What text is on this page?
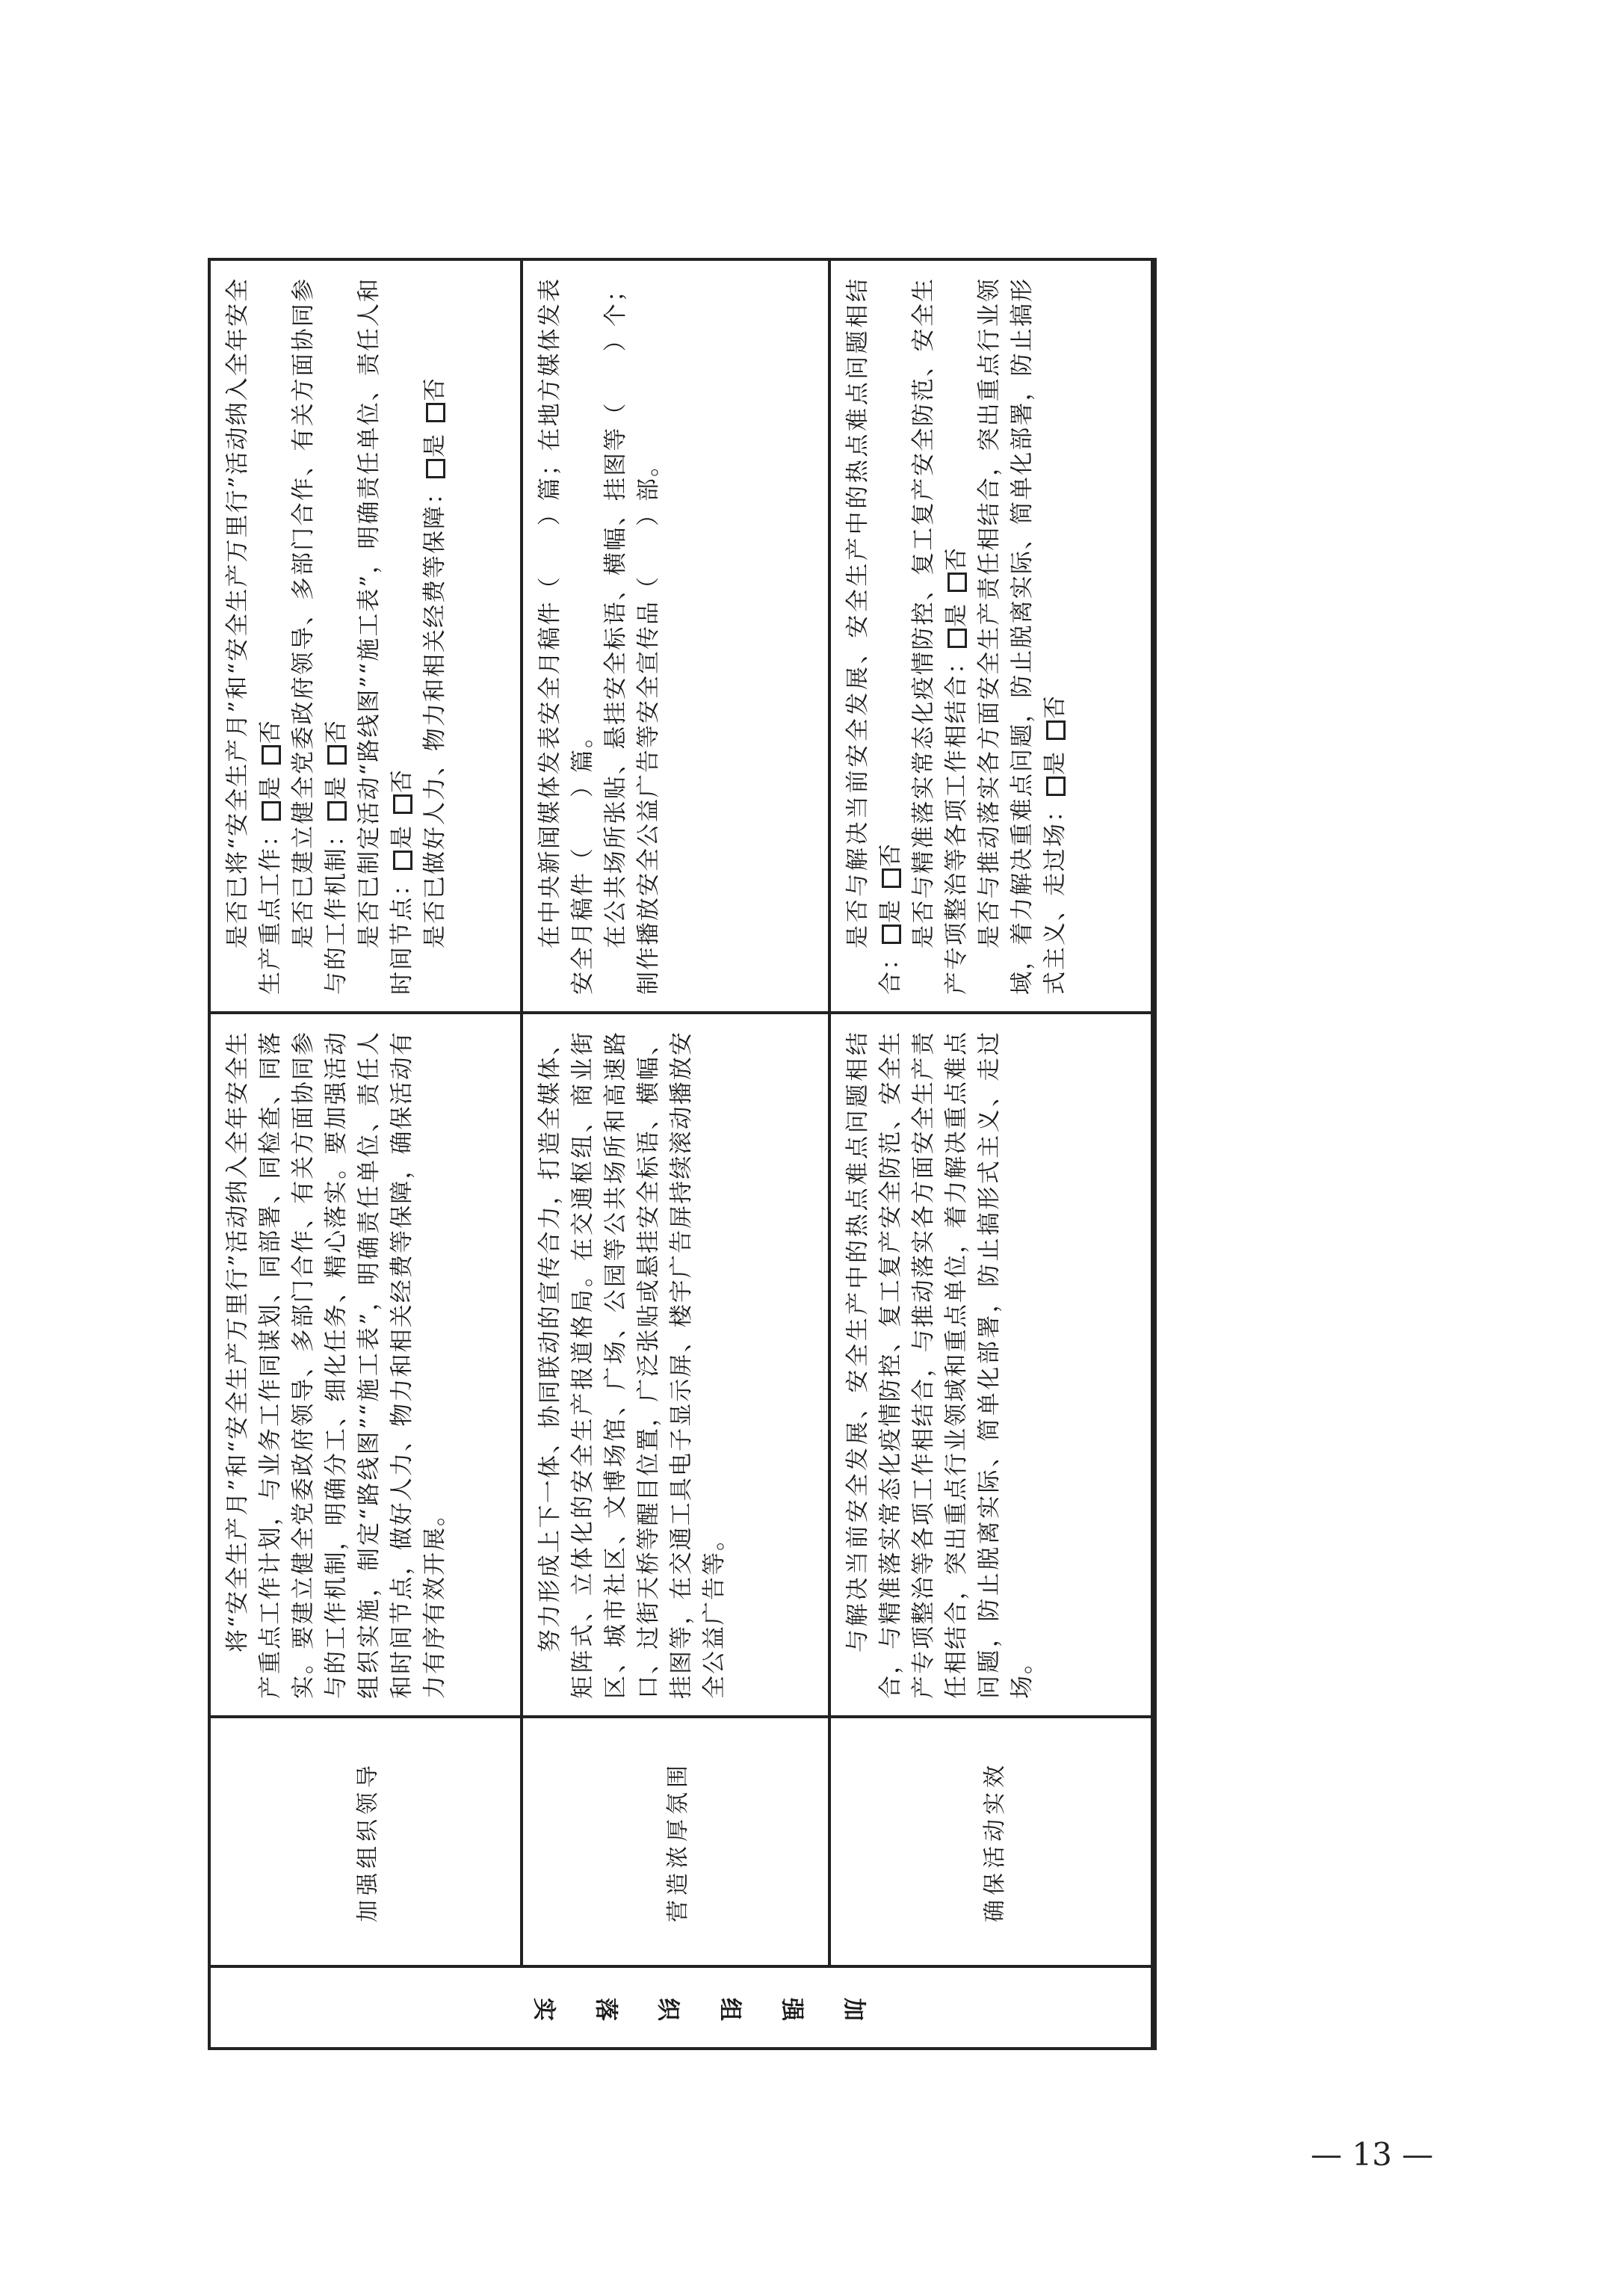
加强组织落实	加强组织领导	将“安全生产月”和“安全生产万里行”活动纳入全年安全生产重点工作计划，与业务工作同谋划、同部署、同检查、同落实。要建立健全党委政府领导、多部门合作、有关方面协同参与的工作机制，明确分工、细化任务、精心落实。要加强活动组织实施，制定“路线图”“施工表”，明确责任单位、责任人和时间节点，做好人力、物力和相关经费等保障，确保活动有力有序有效开展。	是否已将“安全生产月”和“安全生产万里行”活动纳入全年安全生产重点工作：是 否 是否已建立健全党委政府领导、多部门合作、有关方面协同参与的工作机制：是 否 是否已制定活动“路线图”“施工表”，明确责任单位、责任人和时间节点：是 否 是否已做好人力、物力和相关经费等保障：是 否

	营造浓厚氛围	努力形成上下一体、协同联动的宣传合力，打造全媒体、矩阵式、立体化的安全生产报道格局。在交通枢纽、商业街区、城市社区、文博场馆、广场、公园等公共场所和高速路口、过街天桥等醒目位置，广泛张贴或悬挂安全标语、横幅、挂图等，在交通工具电子显示屏、楼宇广告屏持续滚动播放安全公益广告等。	在中央新闻媒体发表安全月稿件（　　）篇；在地方媒体发表安全月稿件（　　）篇。 在公共场所张贴、悬挂安全标语、横幅、挂图等（　　）个；制作播放安全公益广告等安全宣传品（　　）部。

	确保活动实效	与解决当前安全发展、安全生产中的热点难点问题相结合，与精准落实常态化疫情防控、复工复产安全防范、安全生产专项整治等各项工作相结合，与推动落实各方面安全生产责任相结合，突出重点行业领域和重点单位，着力解决重点难点问题，防止脱离实际、简单化部署，防止搞形式主义、走过场。	是否与解决当前安全发展、安全生产中的热点难点问题相结合：是 否 是否与精准落实常态化疫情防控、复工复产安全防范、安全生产专项整治等各项工作相结合：是 否 是否与推动落实各方面安全生产责任相结合，突出重点行业领域，着力解决重难点问题，防止脱离实际、简单化部署，防止搞形式主义、走过场：是 否

— 13 —
